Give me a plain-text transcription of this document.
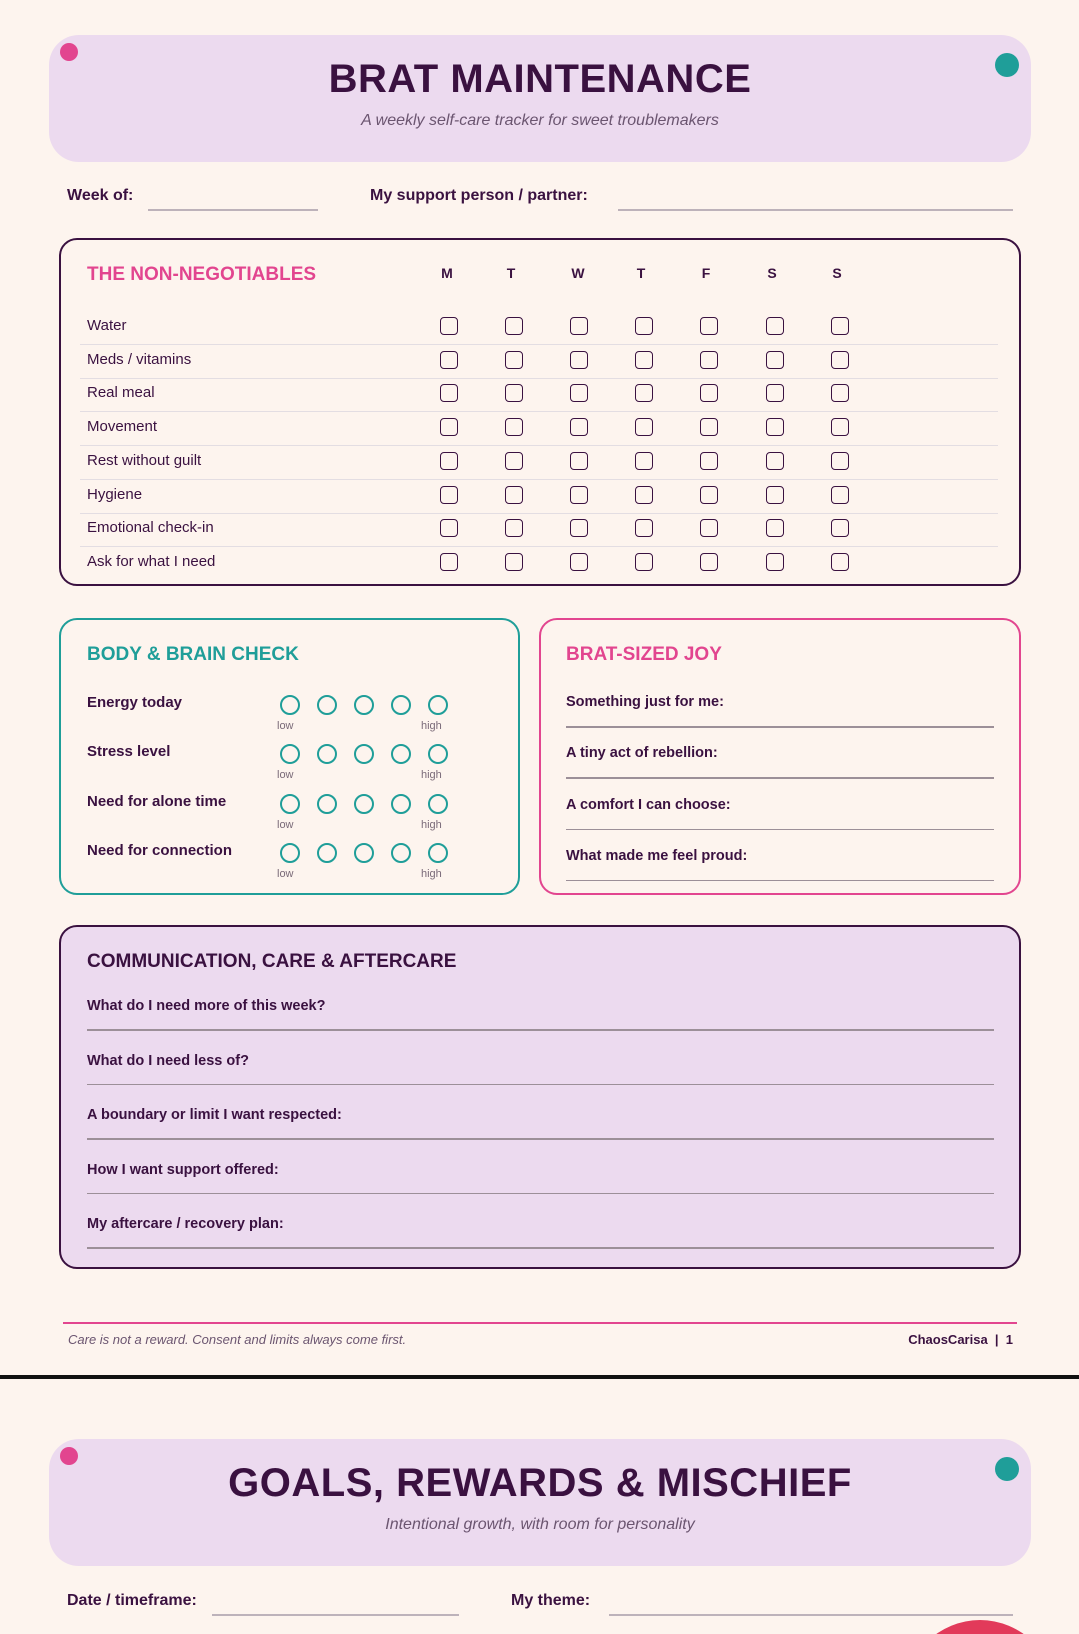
BRAT MAINTENANCE
A weekly self-care tracker for sweet troublemakers
Week of:	My support person / partner:
THE NON-NEGOTIABLES	M	T	W	T	F	S	S
Water
Meds / vitamins
Real meal
Movement
Rest without guilt
Hygiene
Emotional check-in
Ask for what I need
BODY & BRAIN CHECK
Energy today
low	high
Stress level
low	high
Need for alone time
low	high
Need for connection
low	high
BRAT-SIZED JOY
Something just for me:
A tiny act of rebellion:
A comfort I can choose:
What made me feel proud:
COMMUNICATION, CARE & AFTERCARE
What do I need more of this week?
What do I need less of?
A boundary or limit I want respected:
How I want support offered:
My aftercare / recovery plan:
Care is not a reward. Consent and limits always come first.	ChaosCarisa  |  1
GOALS, REWARDS & MISCHIEF
Intentional growth, with room for personality
Date / timeframe:	My theme:
